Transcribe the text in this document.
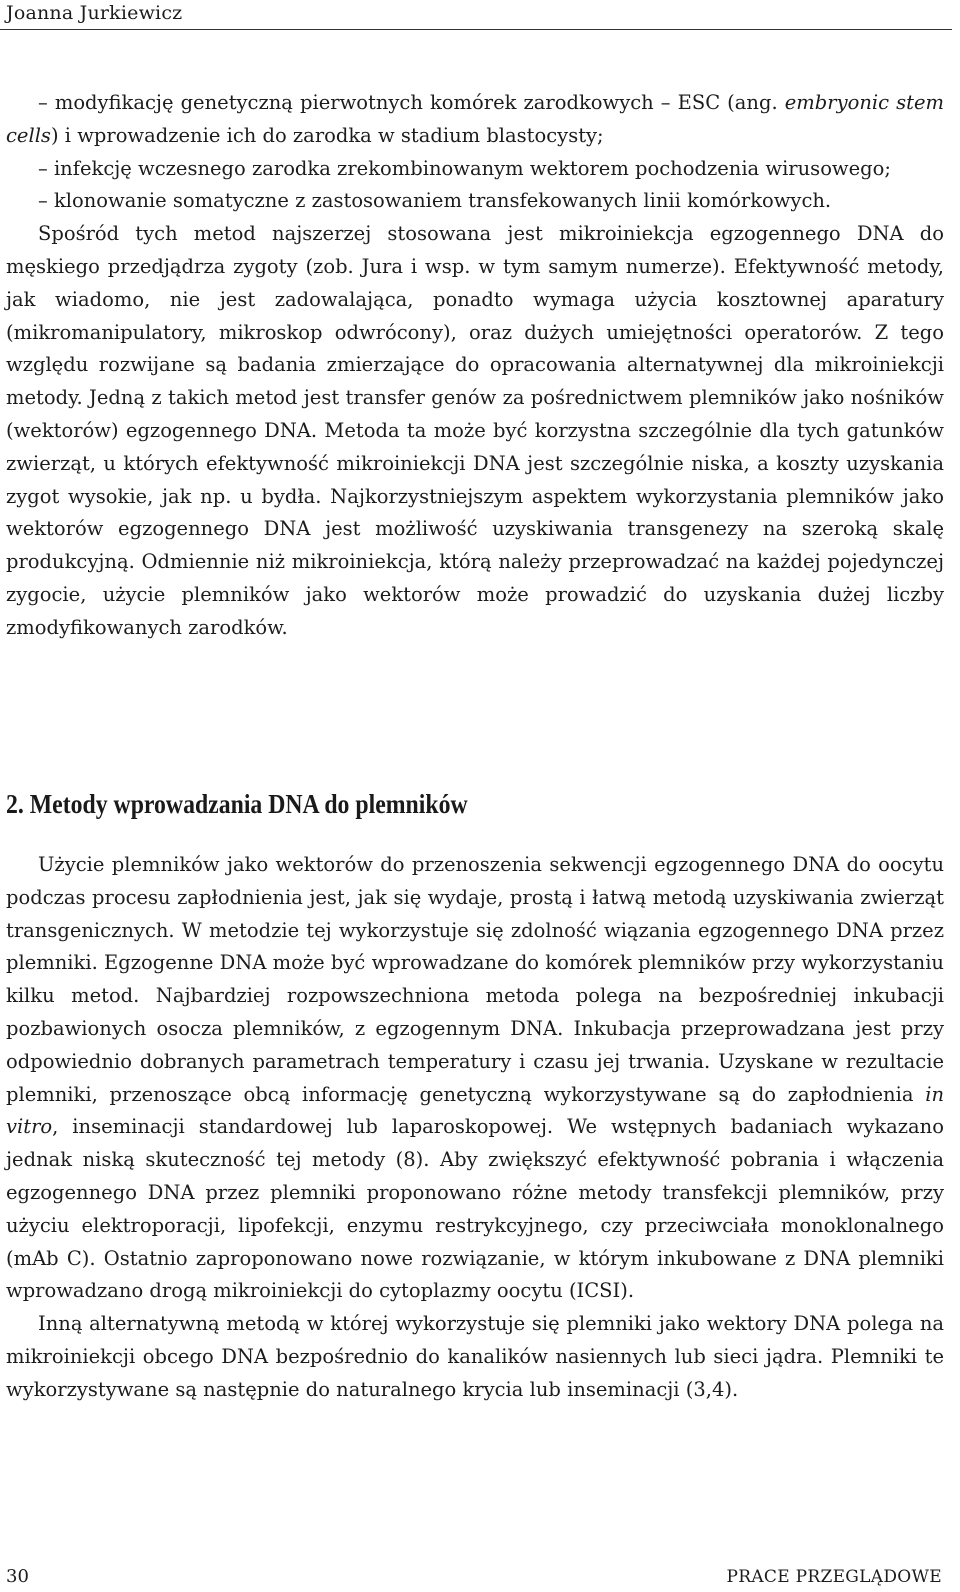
Joanna Jurkiewicz

– modyfikację genetyczną pierwotnych komórek zarodkowych – ESC (ang. embryonic stem cells) i wprowadzenie ich do zarodka w stadium blastocysty;

– infekcję wczesnego zarodka zrekombinowanym wektorem pochodzenia wirusowego;

– klonowanie somatyczne z zastosowaniem transfekowanych linii komórkowych.

Spośród tych metod najszerzej stosowana jest mikroiniekcja egzogennego DNA do męskiego przedjądrza zygoty (zob. Jura i wsp. w tym samym numerze). Efektywność metody, jak wiadomo, nie jest zadowalająca, ponadto wymaga użycia kosztownej aparatury (mikromanipulatory, mikroskop odwrócony), oraz dużych umiejętności operatorów. Z tego względu rozwijane są badania zmierzające do opracowania alternatywnej dla mikroiniekcji metody. Jedną z takich metod jest transfer genów za pośrednictwem plemników jako nośników (wektorów) egzogennego DNA. Metoda ta może być korzystna szczególnie dla tych gatunków zwierząt, u których efektywność mikroiniekcji DNA jest szczególnie niska, a koszty uzyskania zygot wysokie, jak np. u bydła. Najkorzystniejszym aspektem wykorzystania plemników jako wektorów egzogennego DNA jest możliwość uzyskiwania transgenezy na szeroką skalę produkcyjną. Odmiennie niż mikroiniekcja, którą należy przeprowadzać na każdej pojedynczej zygocie, użycie plemników jako wektorów może prowadzić do uzyskania dużej liczby zmodyfikowanych zarodków.

2. Metody wprowadzania DNA do plemników

Użycie plemników jako wektorów do przenoszenia sekwencji egzogennego DNA do oocytu podczas procesu zapłodnienia jest, jak się wydaje, prostą i łatwą metodą uzyskiwania zwierząt transgenicznych. W metodzie tej wykorzystuje się zdolność wiązania egzogennego DNA przez plemniki. Egzogenne DNA może być wprowadzane do komórek plemników przy wykorzystaniu kilku metod. Najbardziej rozpowszechniona metoda polega na bezpośredniej inkubacji pozbawionych osocza plemników, z egzogennym DNA. Inkubacja przeprowadzana jest przy odpowiednio dobranych parametrach temperatury i czasu jej trwania. Uzyskane w rezultacie plemniki, przenoszące obcą informację genetyczną wykorzystywane są do zapłodnienia in vitro, inseminacji standardowej lub laparoskopowej. We wstępnych badaniach wykazano jednak niską skuteczność tej metody (8). Aby zwiększyć efektywność pobrania i włączenia egzogennego DNA przez plemniki proponowano różne metody transfekcji plemników, przy użyciu elektroporacji, lipofekcji, enzymu restrykcyjnego, czy przeciwciała monoklonalnego (mAb C). Ostatnio zaproponowano nowe rozwiązanie, w którym inkubowane z DNA plemniki wprowadzano drogą mikroiniekcji do cytoplazmy oocytu (ICSI).

Inną alternatywną metodą w której wykorzystuje się plemniki jako wektory DNA polega na mikroiniekcji obcego DNA bezpośrednio do kanalików nasiennych lub sieci jądra. Plemniki te wykorzystywane są następnie do naturalnego krycia lub inseminacji (3,4).

30	PRACE PRZEGLĄDOWE
